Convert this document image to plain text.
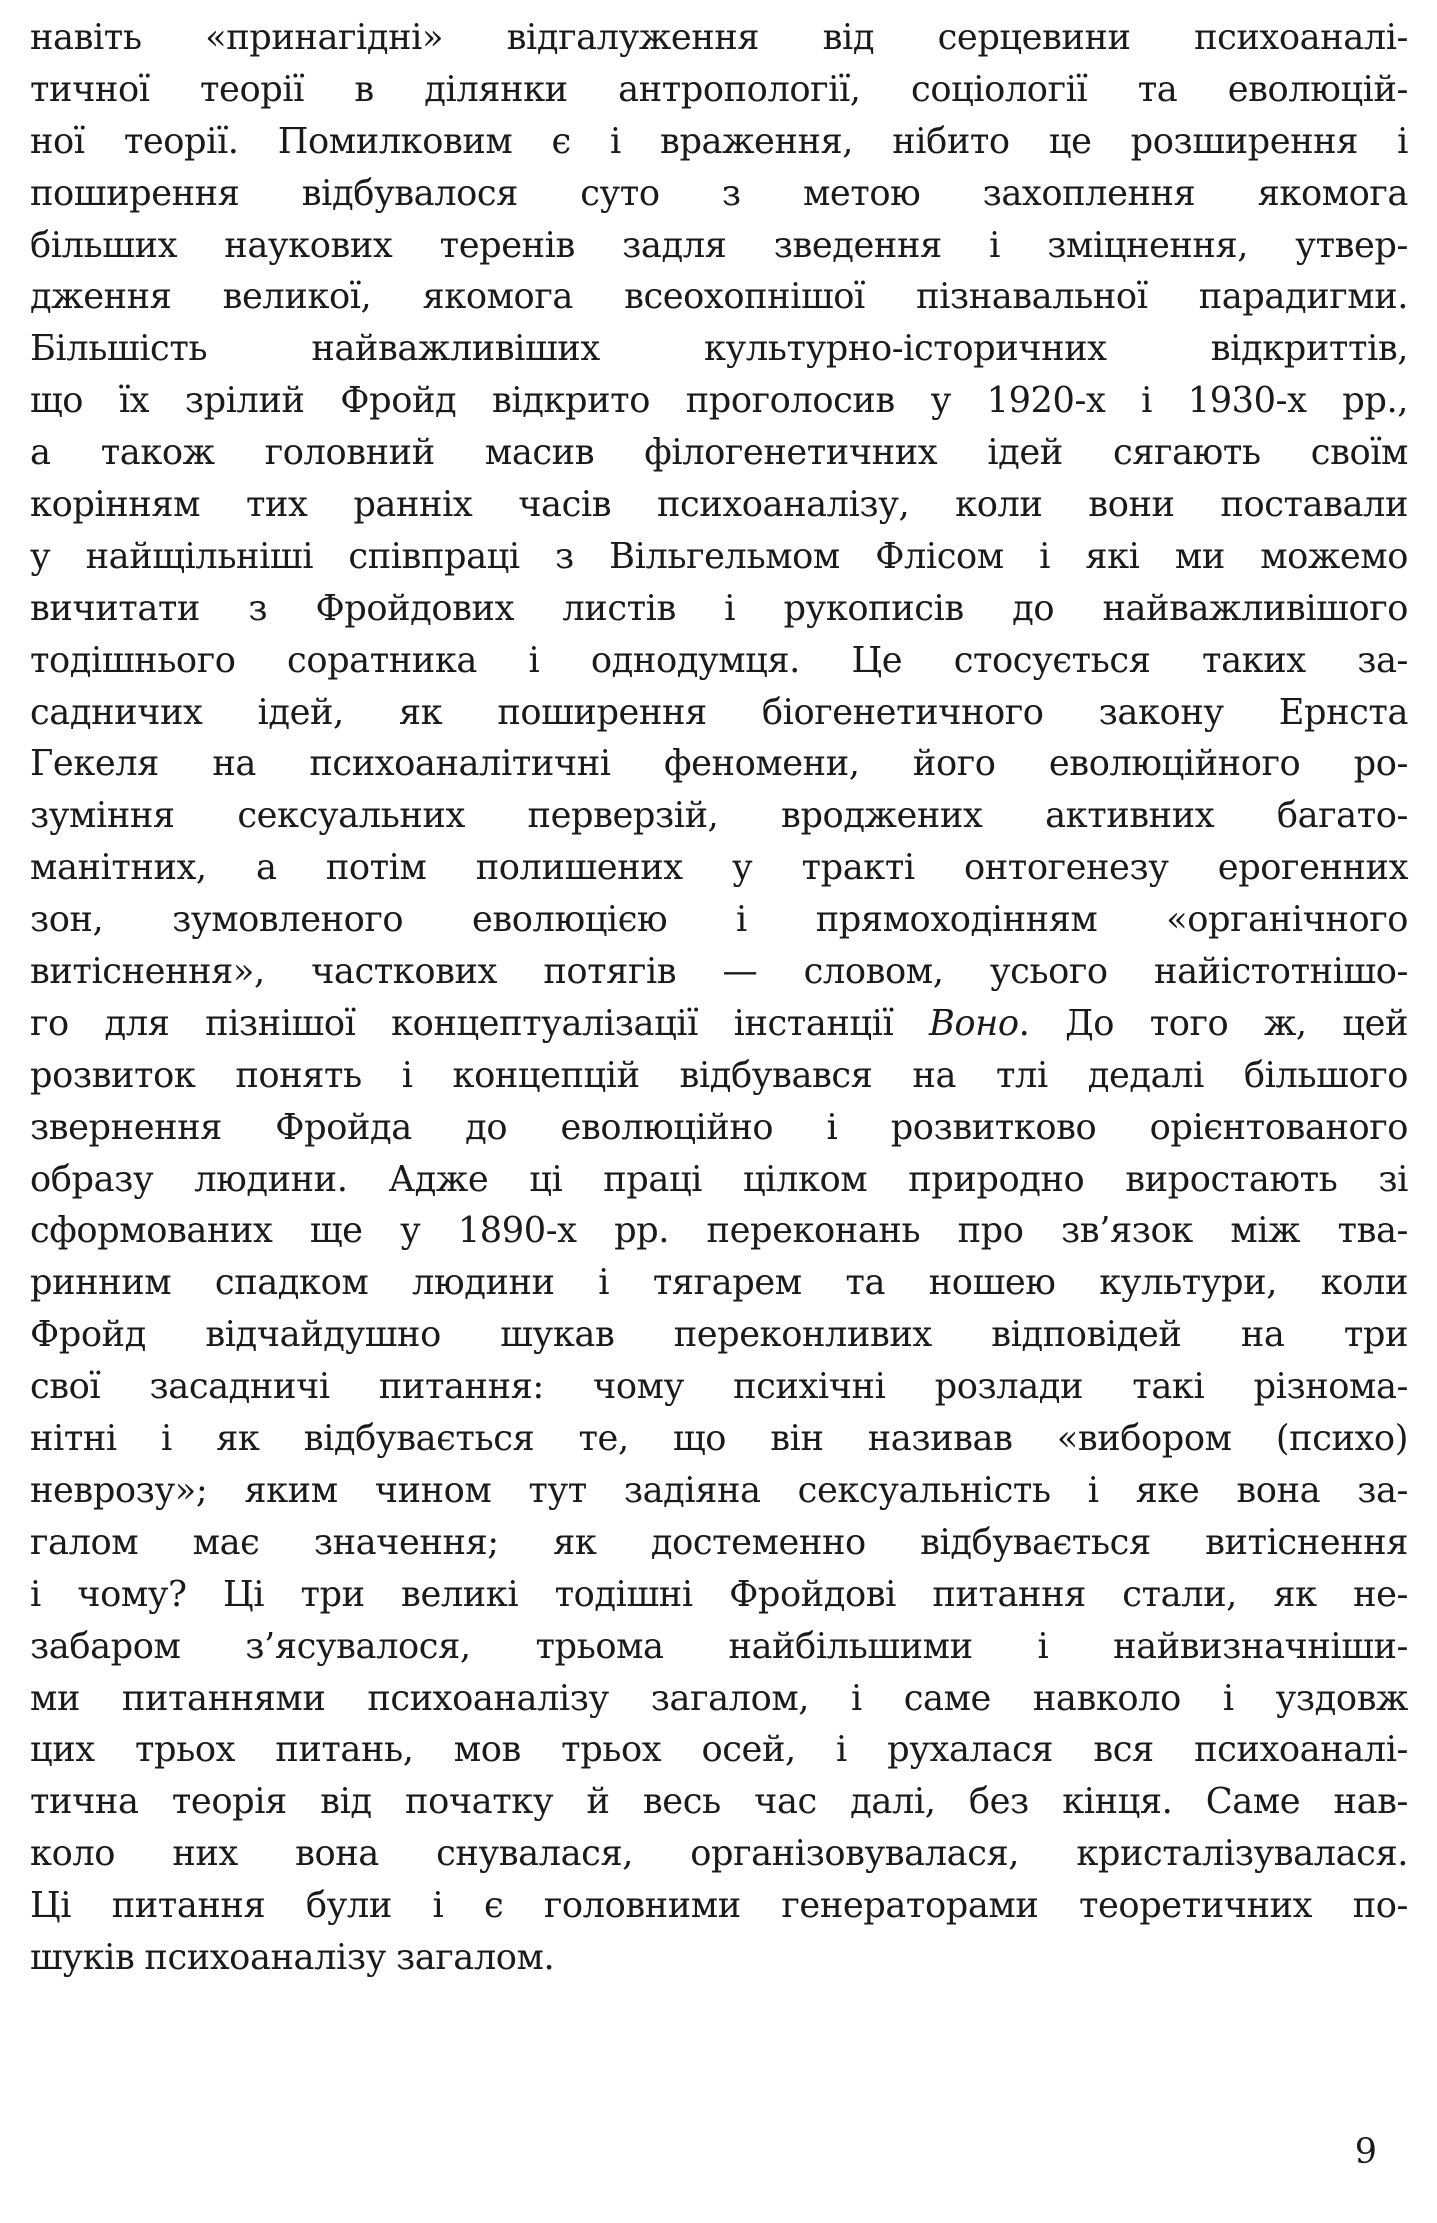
навіть «принагідні» відгалуження від серцевини психоаналі-
тичної теорії в ділянки антропології, соціології та еволюцій-
ної теорії. Помилковим є і враження, нібито це розширення і
поширення відбувалося суто з метою захоплення якомога
більших наукових теренів задля зведення і зміцнення, утвер-
дження великої, якомога всеохопнішої пізнавальної парадигми.
Більшість найважливіших культурно-історичних відкриттів,
що їх зрілий Фройд відкрито проголосив у 1920-х і 1930-х рр.,
а також головний масив філогенетичних ідей сягають своїм
корінням тих ранніх часів психоаналізу, коли вони поставали
у найщільніші співпраці з Вільгельмом Флісом і які ми можемо
вичитати з Фройдових листів і рукописів до найважливішого
тодішнього соратника і однодумця. Це стосується таких за-
садничих ідей, як поширення біогенетичного закону Ернста
Гекеля на психоаналітичні феномени, його еволюційного ро-
зуміння сексуальних перверзій, вроджених активних багато-
манітних, а потім полишених у тракті онтогенезу ерогенних
зон, зумовленого еволюцією і прямоходінням «органічного
витіснення», часткових потягів — словом, усього найістотнішо-
го для пізнішої концептуалізації інстанції Воно. До того ж, цей
розвиток понять і концепцій відбувався на тлі дедалі більшого
звернення Фройда до еволюційно і розвитково орієнтованого
образу людини. Адже ці праці цілком природно виростають зі
сформованих ще у 1890-х рр. переконань про зв’язок між тва-
ринним спадком людини і тягарем та ношею культури, коли
Фройд відчайдушно шукав переконливих відповідей на три
свої засадничі питання: чому психічні розлади такі різнома-
нітні і як відбувається те, що він називав «вибором (психо)
неврозу»; яким чином тут задіяна сексуальність і яке вона за-
галом має значення; як достеменно відбувається витіснення
і чому? Ці три великі тодішні Фройдові питання стали, як не-
забаром з’ясувалося, трьома найбільшими і найвизначніши-
ми питаннями психоаналізу загалом, і саме навколо і уздовж
цих трьох питань, мов трьох осей, і рухалася вся психоаналі-
тична теорія від початку й весь час далі, без кінця. Саме нав-
коло них вона снувалася, організовувалася, кристалізувалася.
Ці питання були і є головними генераторами теоретичних по-
шуків психоаналізу загалом.
9
